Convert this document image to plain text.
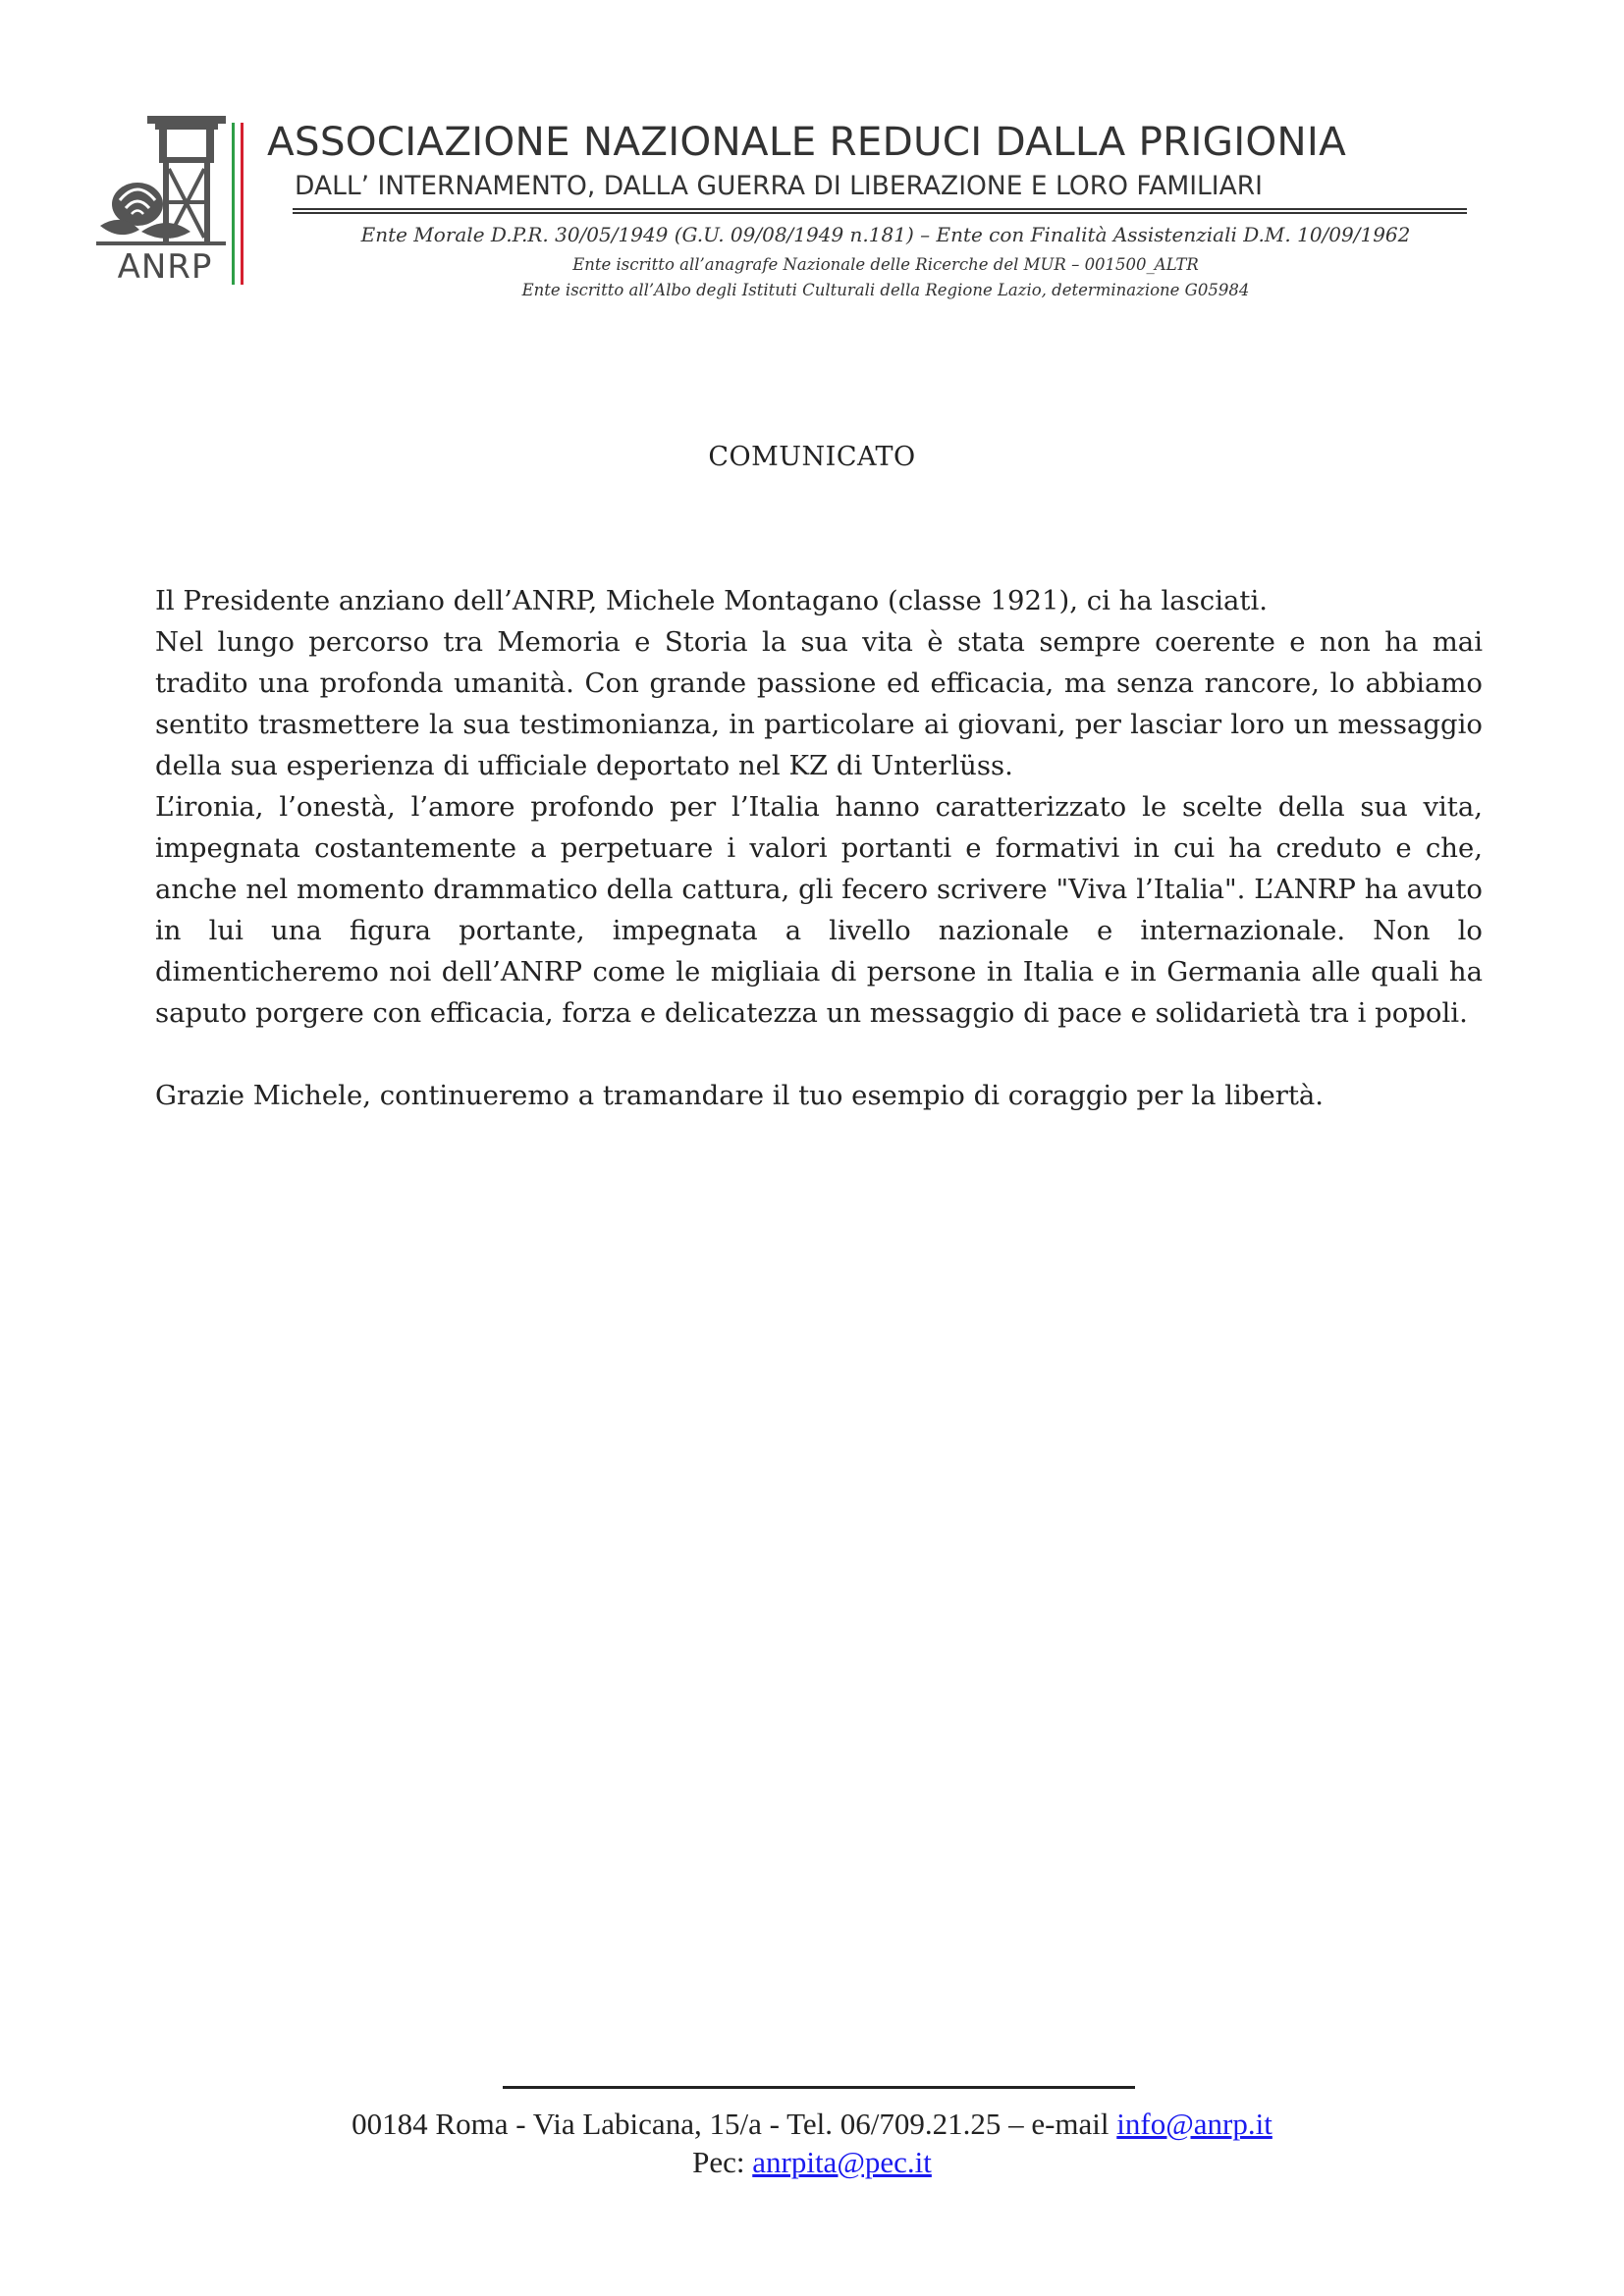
ANRP
ASSOCIAZIONE NAZIONALE REDUCI DALLA PRIGIONIA
DALL’ INTERNAMENTO, DALLA GUERRA DI LIBERAZIONE E LORO FAMILIARI
Ente Morale D.P.R. 30/05/1949 (G.U. 09/08/1949 n.181) – Ente con Finalità Assistenziali D.M. 10/09/1962
Ente iscritto all’anagrafe Nazionale delle Ricerche del MUR – 001500_ALTR
Ente iscritto all’Albo degli Istituti Culturali della Regione Lazio, determinazione G05984
COMUNICATO

Il Presidente anziano dell’ANRP, Michele Montagano (classe 1921), ci ha lasciati.

Nel lungo percorso tra Memoria e Storia la sua vita è stata sempre coerente e non ha mai tradito una profonda umanità. Con grande passione ed efficacia, ma senza rancore, lo abbiamo sentito trasmettere la sua testimonianza, in particolare ai giovani, per lasciar loro un messaggio della sua esperienza di ufficiale deportato nel KZ di Unterlüss.

L’ironia, l’onestà, l’amore profondo per l’Italia hanno caratterizzato le scelte della sua vita, impegnata costantemente a perpetuare i valori portanti e formativi in cui ha creduto e che, anche nel momento drammatico della cattura, gli fecero scrivere "Viva l’Italia". L’ANRP ha avuto in lui una figura portante, impegnata a livello nazionale e internazionale. Non lo dimenticheremo noi dell’ANRP come le migliaia di persone in Italia e in Germania alle quali ha saputo porgere con efficacia, forza e delicatezza un messaggio di pace e solidarietà tra i popoli.

Grazie Michele, continueremo a tramandare il tuo esempio di coraggio per la libertà.

00184 Roma - Via Labicana, 15/a - Tel. 06/709.21.25 – e-mail info@anrp.it
Pec: anrpita@pec.it
